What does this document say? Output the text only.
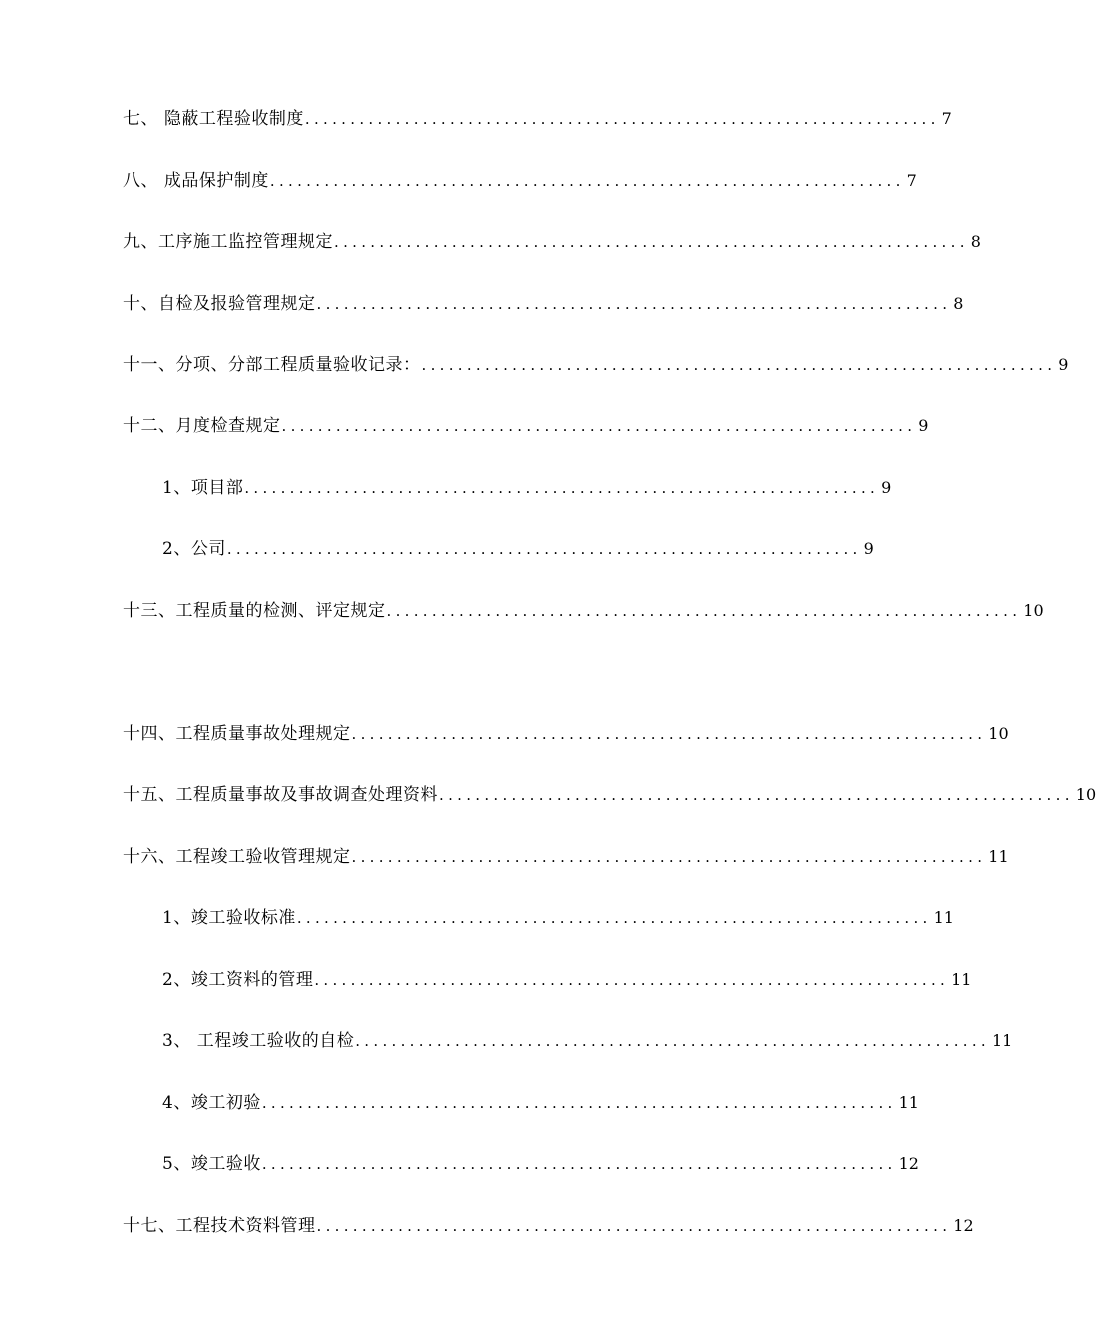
七、 隐蔽工程验收制度 ...................................................................... 7
八、 成品保护制度 ...................................................................... 7
九、工序施工监控管理规定 ...................................................................... 8
十、自检及报验管理规定 ...................................................................... 8
十一、分项、分部工程质量验收记录： ...................................................................... 9
十二、月度检查规定 ...................................................................... 9
1、项目部 ...................................................................... 9
2、公司 ...................................................................... 9
十三、工程质量的检测、评定规定 ...................................................................... 10
十四、工程质量事故处理规定 ...................................................................... 10
十五、工程质量事故及事故调查处理资料 ...................................................................... 10
十六、工程竣工验收管理规定 ...................................................................... 11
1、竣工验收标准 ...................................................................... 11
2、竣工资料的管理 ...................................................................... 11
3、 工程竣工验收的自检 ...................................................................... 11
4、竣工初验 ...................................................................... 11
5、竣工验收 ...................................................................... 12
十七、工程技术资料管理 ...................................................................... 12
